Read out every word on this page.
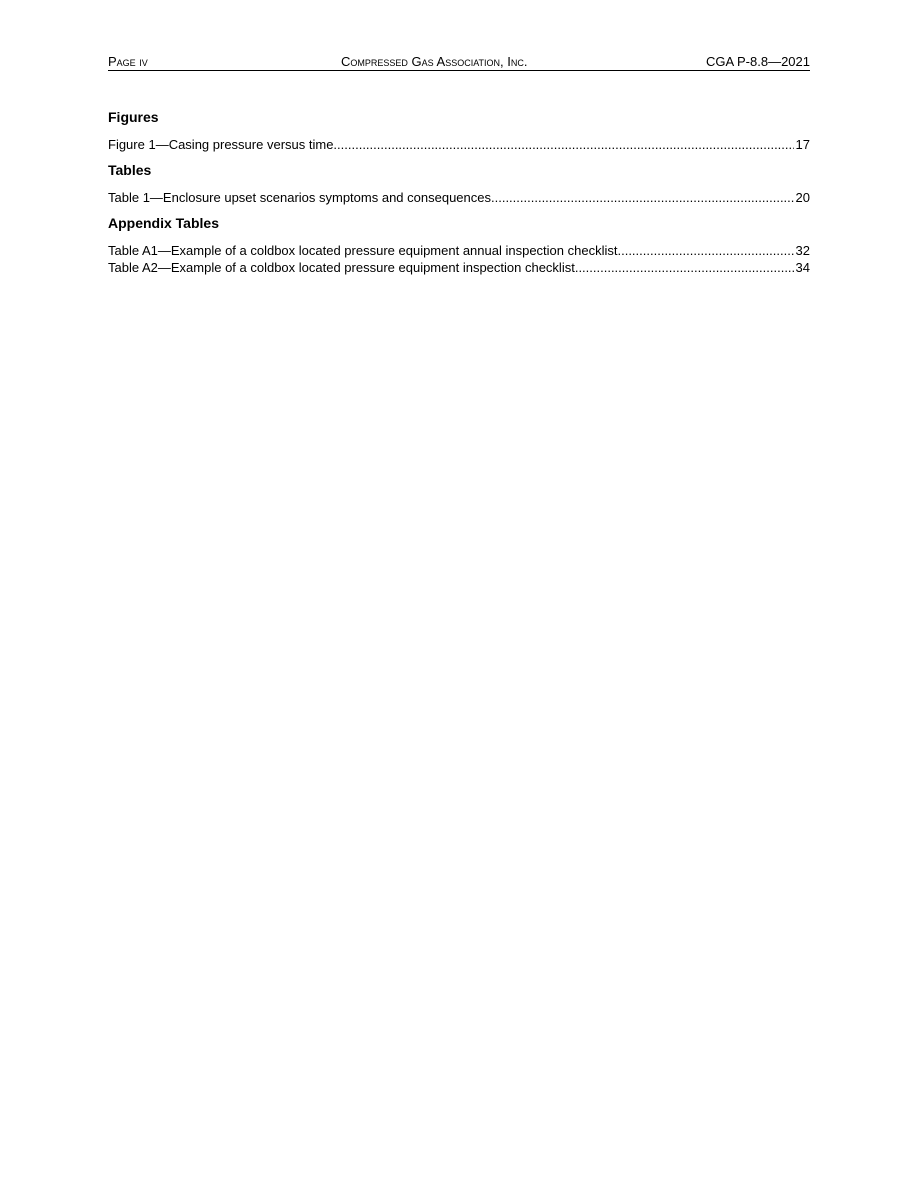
Page iv	Compressed Gas Association, Inc.	CGA P-8.8—2021
Figures
Figure 1—Casing pressure versus time .....	17
Tables
Table 1—Enclosure upset scenarios symptoms and consequences .....	20
Appendix Tables
Table A1—Example of a coldbox located pressure equipment annual inspection checklist .....	32
Table A2—Example of a coldbox located pressure equipment inspection checklist .....	34
